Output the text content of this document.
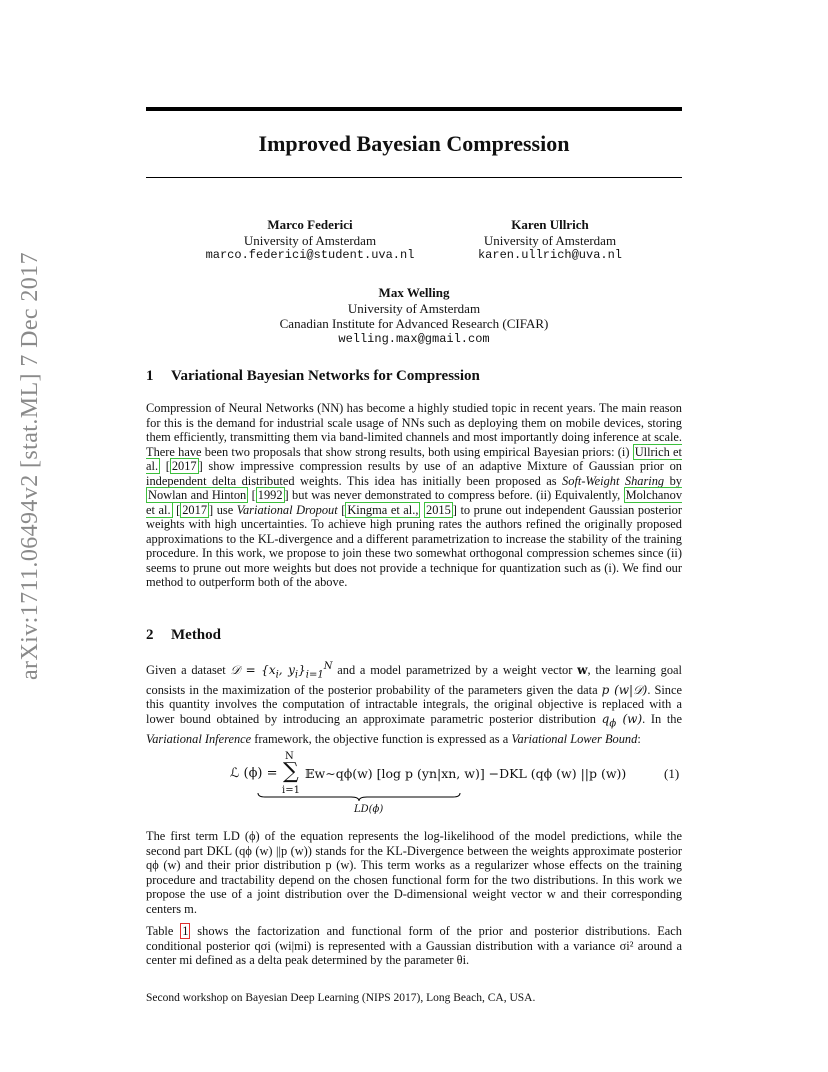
arXiv:1711.06494v2 [stat.ML] 7 Dec 2017
Improved Bayesian Compression
Marco Federici
University of Amsterdam
marco.federici@student.uva.nl
Karen Ullrich
University of Amsterdam
karen.ullrich@uva.nl
Max Welling
University of Amsterdam
Canadian Institute for Advanced Research (CIFAR)
welling.max@gmail.com
1 Variational Bayesian Networks for Compression

Compression of Neural Networks (NN) has become a highly studied topic in recent years. The main reason for this is the demand for industrial scale usage of NNs such as deploying them on mobile devices, storing them efficiently, transmitting them via band-limited channels and most importantly doing inference at scale. There have been two proposals that show strong results, both using empirical Bayesian priors: (i) Ullrich et al. [ 2017 ] show impressive compression results by use of an adaptive Mixture of Gaussian prior on independent delta distributed weights. This idea has initially been proposed as Soft-Weight Sharing by Nowlan and Hinton [ 1992 ] but was never demonstrated to compress before. (ii) Equivalently, Molchanov et al. [ 2017 ] use Variational Dropout [ Kingma et al., 2015 ] to prune out independent Gaussian posterior weights with high uncertainties. To achieve high pruning rates the authors refined the originally proposed approximations to the KL-divergence and a different parametrization to increase the stability of the training procedure. In this work, we propose to join these two somewhat orthogonal compression schemes since (ii) seems to prune out more weights but does not provide a technique for quantization such as (i). We find our method to outperform both of the above.

2 Method

Given a dataset 𝒟 = {$x_i$, $y_i\}_{i=1}^N$ and a model parametrized by a weight vector w, the learning goal consists in the maximization of the posterior probability of the parameters given the data p (w|𝒟). Since this quantity involves the computation of intractable integrals, the original objective is replaced with a lower bound obtained by introducing an approximate parametric posterior distribution $q_\phi$ (w). In the Variational Inference framework, the objective function is expressed as a Variational Lower Bound:

ℒ (ϕ) =
N
∑
i=1
𝔼w∼qϕ(w) [log p (yn|xn, w)] −DKL (qϕ (w) ||p (w))
LD(ϕ)
(1)

The first term LD (ϕ) of the equation represents the log-likelihood of the model predictions, while the second part DKL (qϕ (w) ||p (w)) stands for the KL-Divergence between the weights approximate posterior qϕ (w) and their prior distribution p (w). This term works as a regularizer whose effects on the training procedure and tractability depend on the chosen functional form for the two distributions. In this work we propose the use of a joint distribution over the D-dimensional weight vector w and their corresponding centers m.

Table 1 shows the factorization and functional form of the prior and posterior distributions. Each conditional posterior qσi (wi|mi) is represented with a Gaussian distribution with a variance σi² around a center mi defined as a delta peak determined by the parameter θi.

Second workshop on Bayesian Deep Learning (NIPS 2017), Long Beach, CA, USA.
